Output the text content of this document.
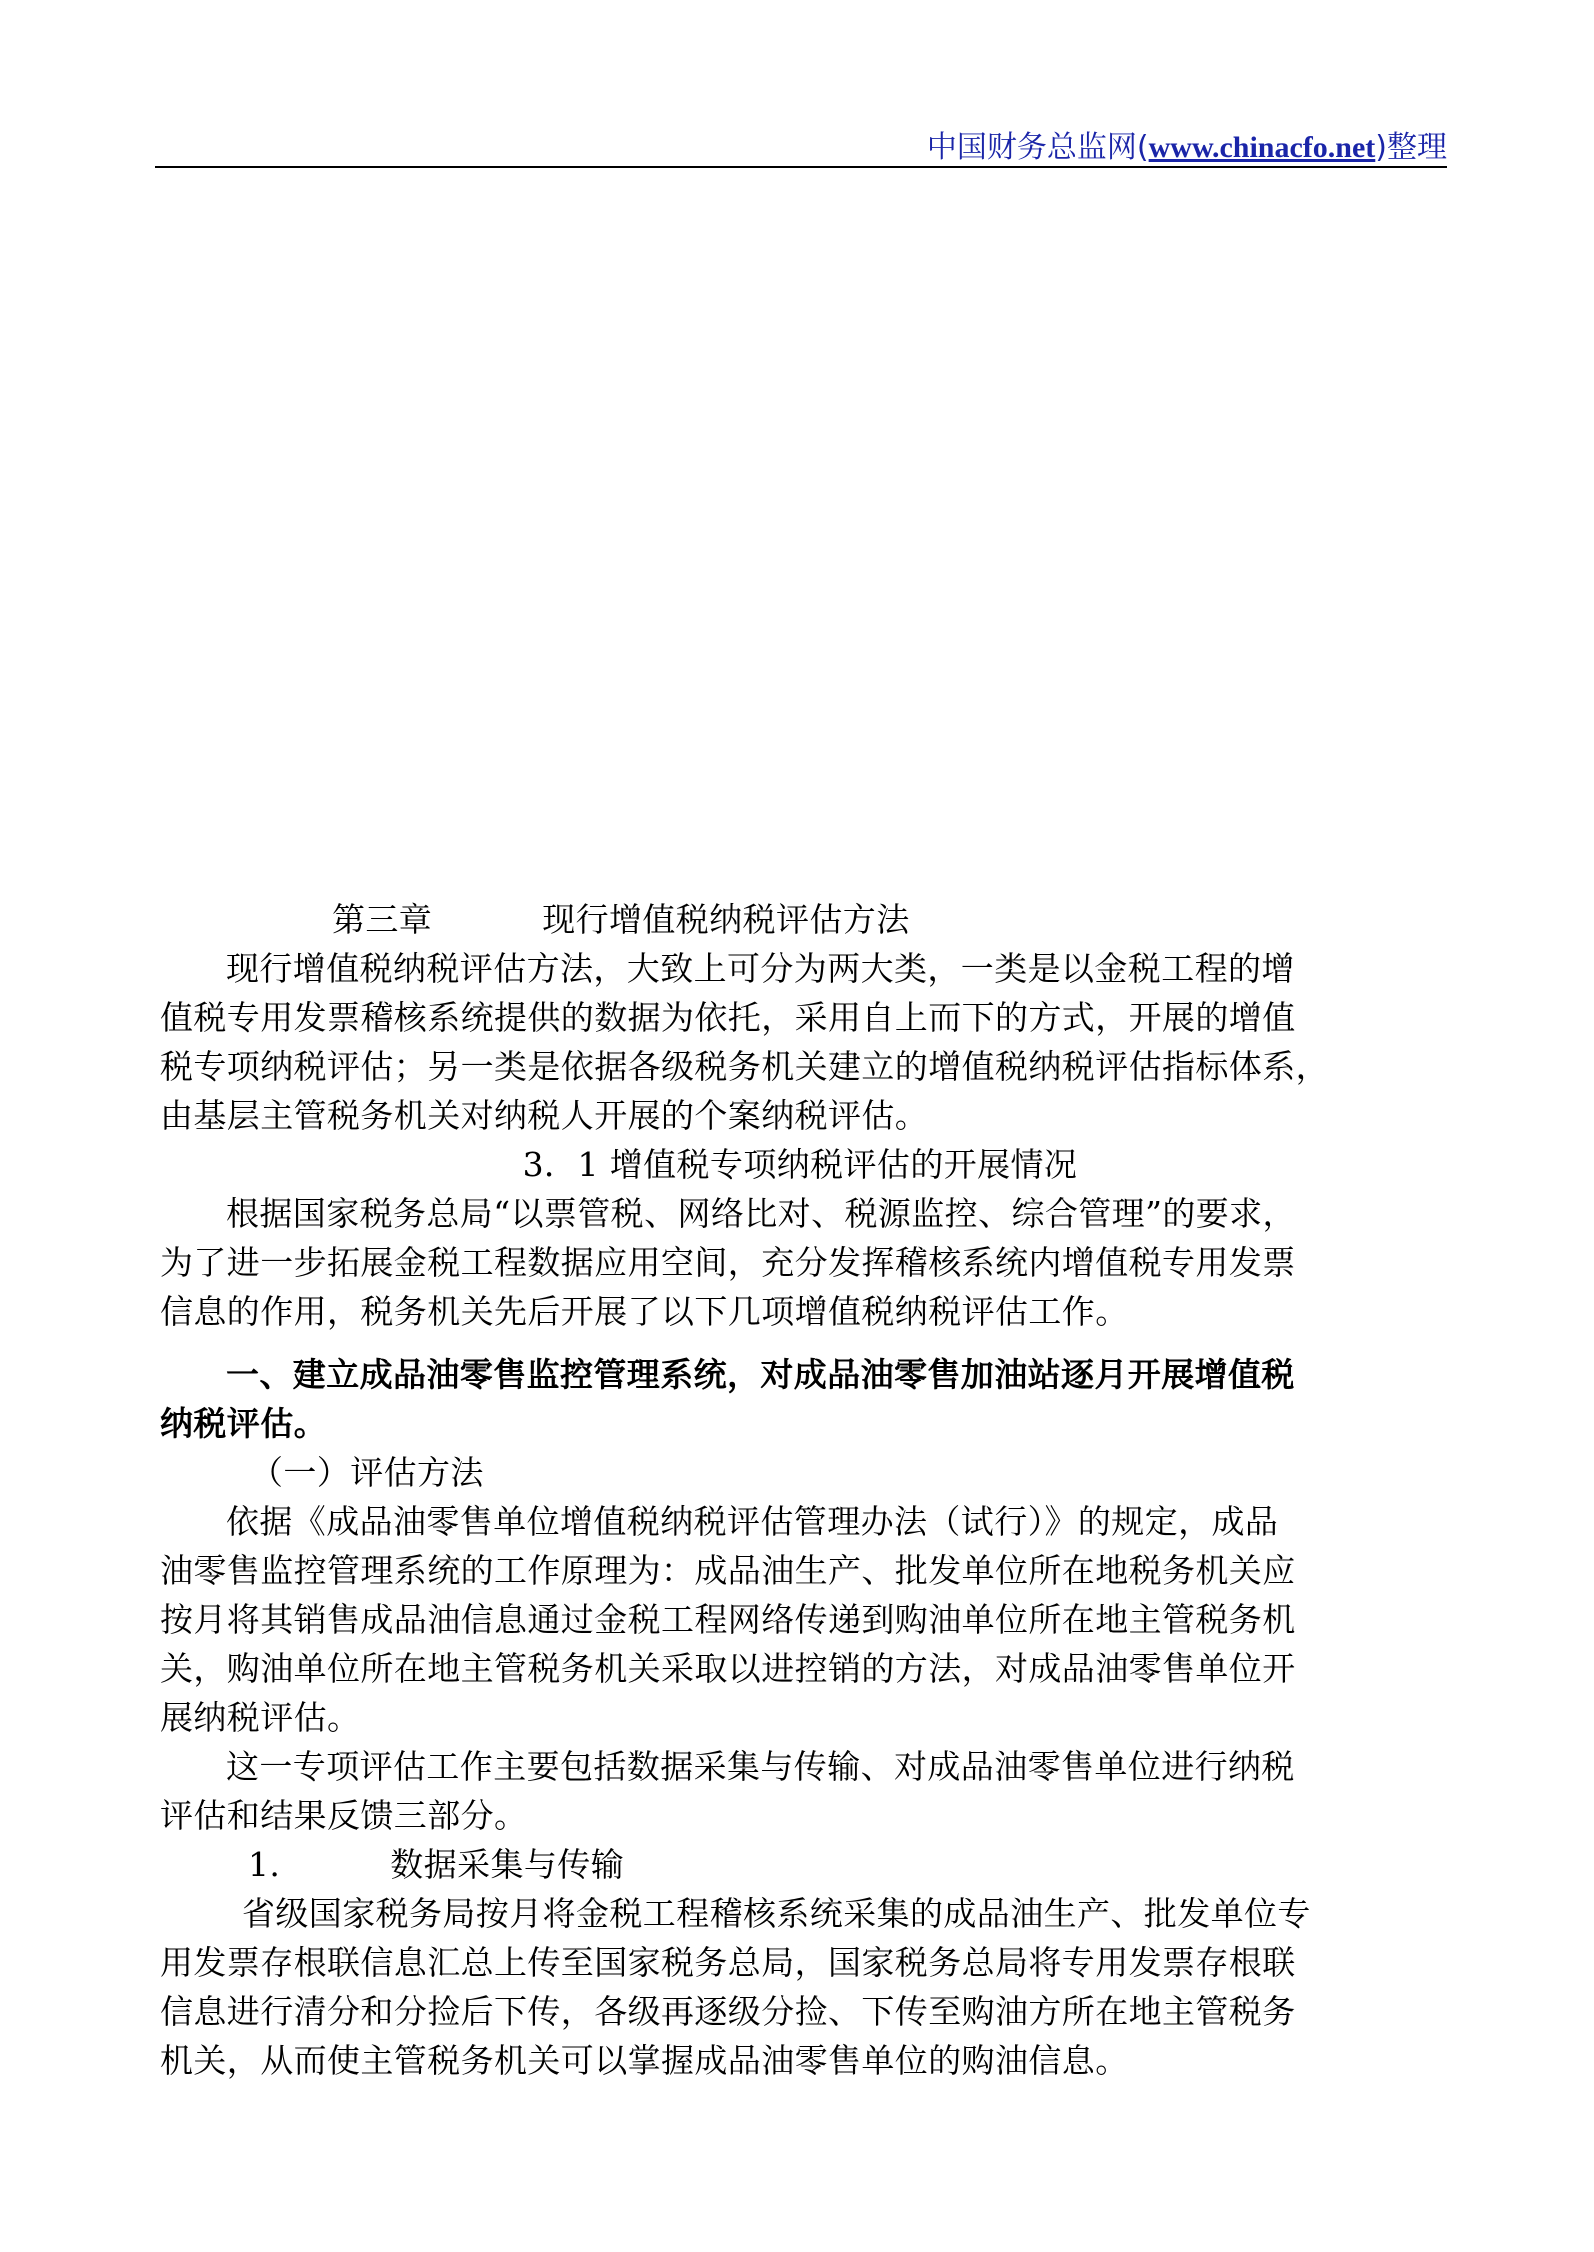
中国财务总监网(www.chinacfo.net)整理
第三章	现行增值税纳税评估方法
现行增值税纳税评估方法，大致上可分为两大类，一类是以金税工程的增
值税专用发票稽核系统提供的数据为依托，采用自上而下的方式，开展的增值
税专项纳税评估；另一类是依据各级税务机关建立的增值税纳税评估指标体系，
由基层主管税务机关对纳税人开展的个案纳税评估。
3．1 增值税专项纳税评估的开展情况
根据国家税务总局“以票管税、网络比对、税源监控、综合管理”的要求，
为了进一步拓展金税工程数据应用空间，充分发挥稽核系统内增值税专用发票
信息的作用，税务机关先后开展了以下几项增值税纳税评估工作。
一、建立成品油零售监控管理系统，对成品油零售加油站逐月开展增值税
纳税评估。
（一）评估方法
依据《成品油零售单位增值税纳税评估管理办法（试行）》的规定，成品
油零售监控管理系统的工作原理为：成品油生产、批发单位所在地税务机关应
按月将其销售成品油信息通过金税工程网络传递到购油单位所在地主管税务机
关，购油单位所在地主管税务机关采取以进控销的方法，对成品油零售单位开
展纳税评估。
这一专项评估工作主要包括数据采集与传输、对成品油零售单位进行纳税
评估和结果反馈三部分。
1.	数据采集与传输
省级国家税务局按月将金税工程稽核系统采集的成品油生产、批发单位专
用发票存根联信息汇总上传至国家税务总局，国家税务总局将专用发票存根联
信息进行清分和分捡后下传，各级再逐级分捡、下传至购油方所在地主管税务
机关，从而使主管税务机关可以掌握成品油零售单位的购油信息。
